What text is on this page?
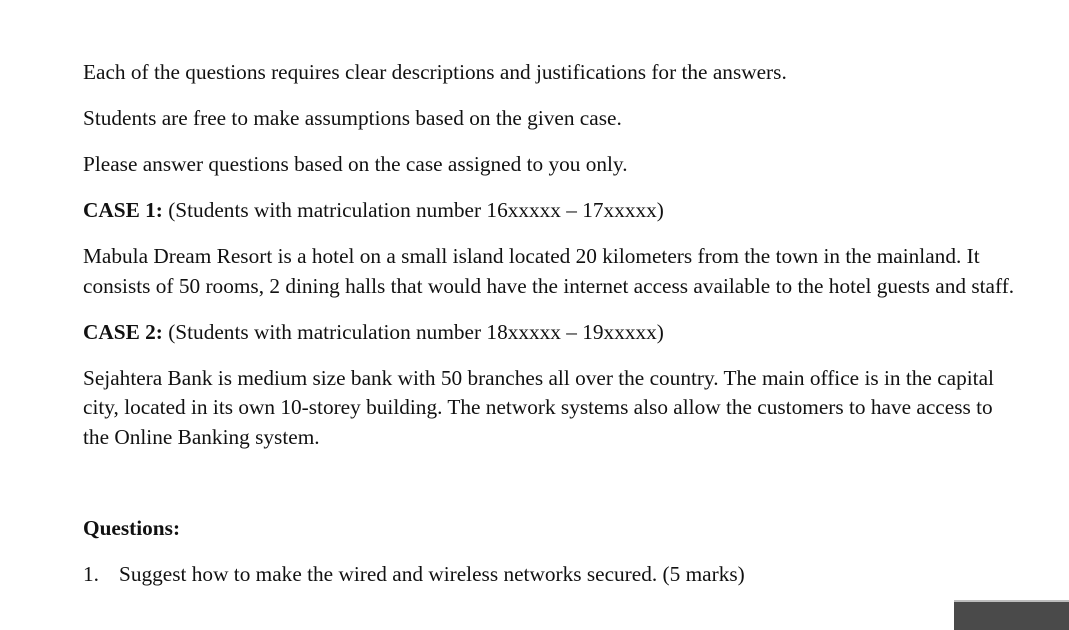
Each of the questions requires clear descriptions and justifications for the answers.

Students are free to make assumptions based on the given case.

Please answer questions based on the case assigned to you only.

CASE 1: (Students with matriculation number 16xxxxx – 17xxxxx)

Mabula Dream Resort is a hotel on a small island located 20 kilometers from the town in the mainland. It consists of 50 rooms, 2 dining halls that would have the internet access available to the hotel guests and staff.

CASE 2: (Students with matriculation number 18xxxxx – 19xxxxx)

Sejahtera Bank is medium size bank with 50 branches all over the country. The main office is in the capital city, located in its own 10-storey building. The network systems also allow the customers to have access to the Online Banking system.

Questions:

1. Suggest how to make the wired and wireless networks secured. (5 marks)
